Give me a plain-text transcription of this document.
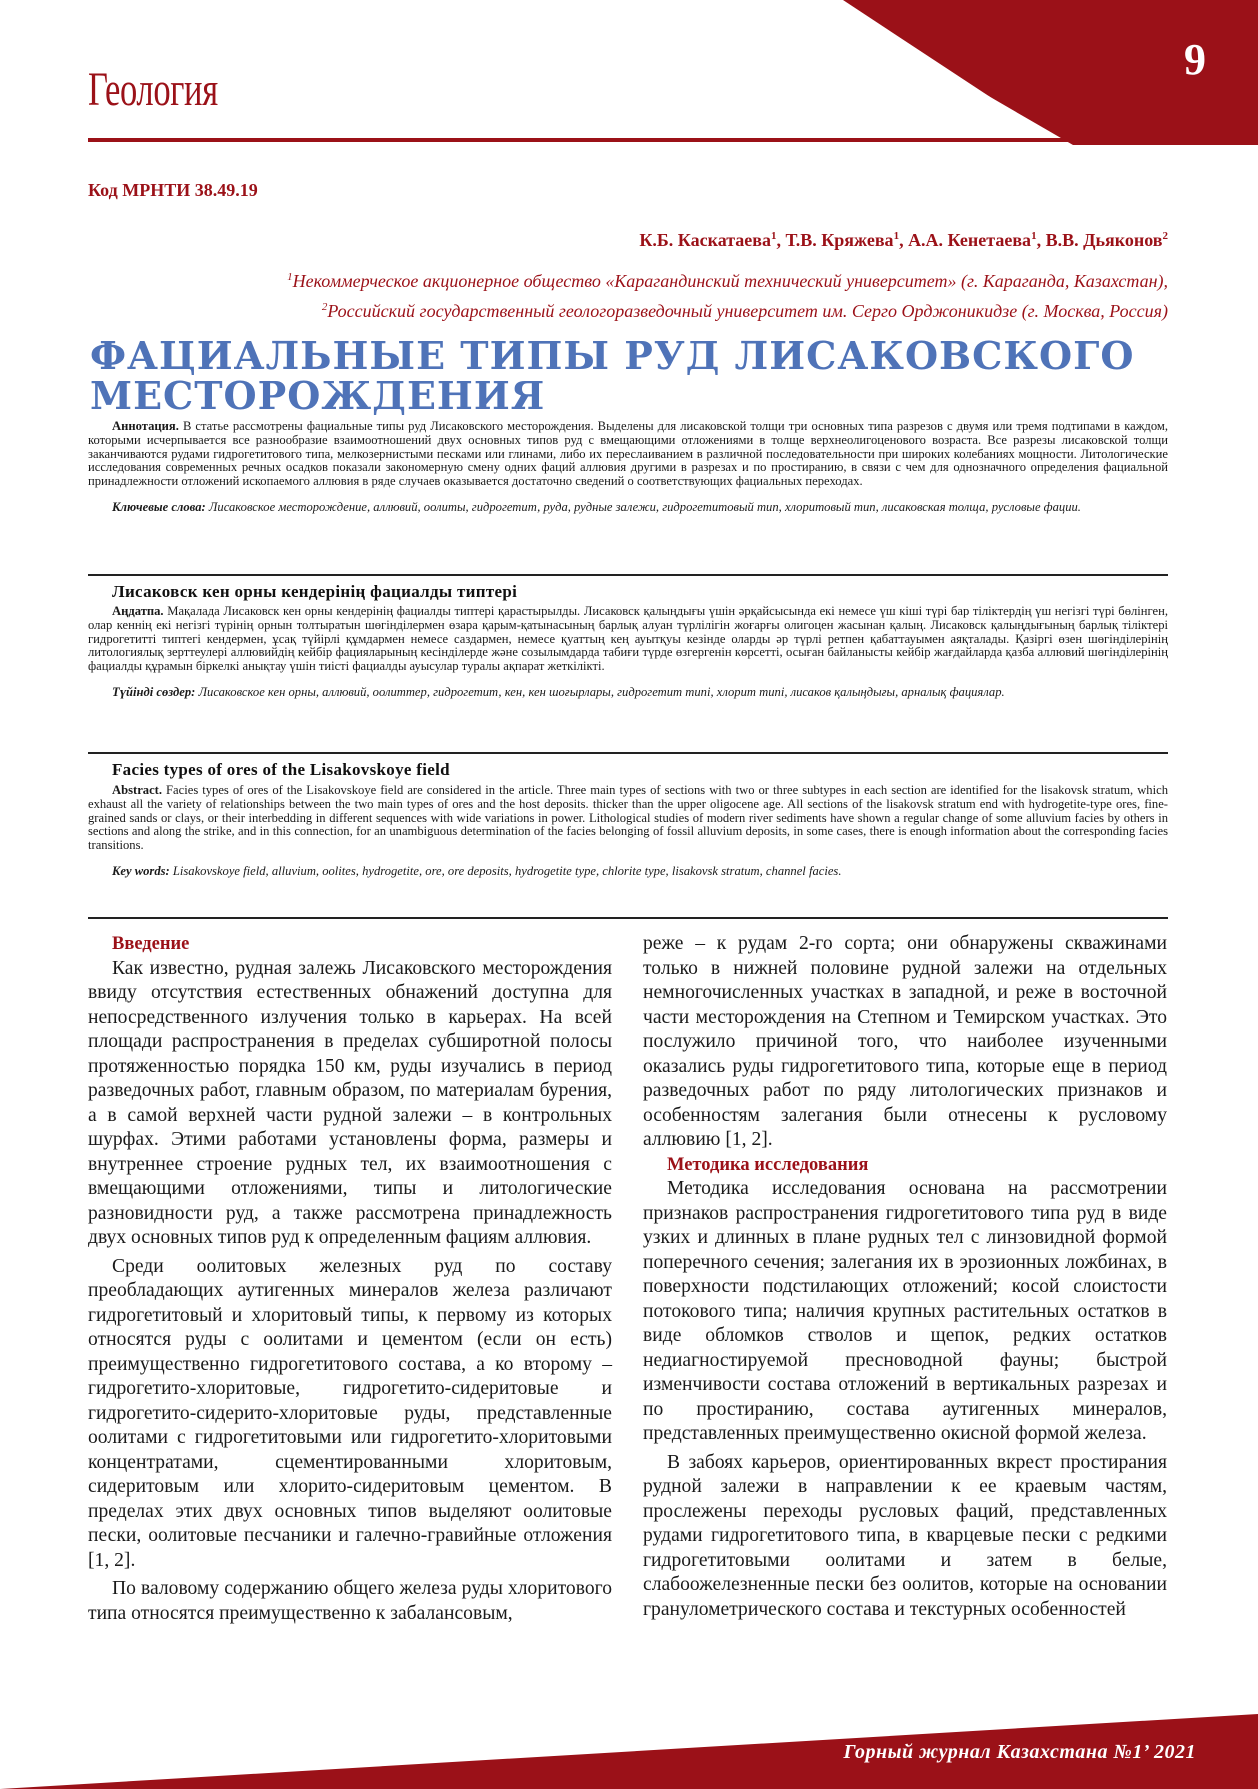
Геология
9
Код МРНТИ 38.49.19
К.Б. Каскатаева$^1$, Т.В. Кряжева$^1$, А.А. Кенетаева$^1$, В.В. Дьяконов$^2$
$^1$Некоммерческое акционерное общество «Карагандинский технический университет» (г. Караганда, Казахстан),
$^2$Российский государственный геологоразведочный университет им. Серго Орджоникидзе (г. Москва, Россия)
ФАЦИАЛЬНЫЕ ТИПЫ РУД ЛИСАКОВСКОГО МЕСТОРОЖДЕНИЯ
Аннотация. В статье рассмотрены фациальные типы руд Лисаковского месторождения. Выделены для лисаковской толщи три основных типа разрезов с двумя или тремя подтипами в каждом, которыми исчерпывается все разнообразие взаимоотношений двух основных типов руд с вмещающими отложениями в толще верхнеолигоценового возраста. Все разрезы лисаковской толщи заканчиваются рудами гидрогетитового типа, мелкозернистыми песками или глинами, либо их переслаиванием в различной последовательности при широких колебаниях мощности. Литологические исследования современных речных осадков показали закономерную смену одних фаций аллювия другими в разрезах и по простиранию, в связи с чем для однозначного определения фациальной принадлежности отложений ископаемого аллювия в ряде случаев оказывается достаточно сведений о соответствующих фациальных переходах.
Ключевые слова: Лисаковское месторождение, аллювий, оолиты, гидрогетит, руда, рудные залежи, гидрогетитовый тип, хлоритовый тип, лисаковская толща, русловые фации.
Лисаковск кен орны кендерінің фациалды типтері
Аңдатпа. Мақалада Лисаковск кен орны кендерінің фациалды типтері қарастырылды. Лисаковск қалыңдығы үшін әрқайсысында екі немесе үш кіші түрі бар тіліктердің үш негізгі түрі бөлінген, олар кеннің екі негізгі түрінің орнын толтыратын шөгінділермен өзара қарым-қатынасының барлық алуан түрлілігін жоғарғы олигоцен жасынан қалың. Лисаковск қалыңдығының барлық тіліктері гидрогетитті типтегі кендермен, ұсақ түйірлі құмдармен немесе саздармен, немесе қуаттың кең ауытқуы кезінде оларды әр түрлі ретпен қабаттауымен аяқталады. Қазіргі өзен шөгінділерінің литологиялық зерттеулері аллювийдің кейбір фацияларының кесінділерде және созылымдарда табиғи түрде өзгергенін көрсетті, осыған байланысты кейбір жағдайларда қазба аллювий шөгінділерінің фациалды құрамын біркелкі анықтау үшін тиісті фациалды ауысулар туралы ақпарат жеткілікті.
Түйінді сөздер: Лисаковское кен орны, аллювий, оолиттер, гидрогетит, кен, кен шоғырлары, гидрогетит типі, хлорит типі, лисаков қалыңдығы, арналық фациялар.
Facies types of ores of the Lisakovskoye field
Abstract. Facies types of ores of the Lisakovskoye field are considered in the article. Three main types of sections with two or three subtypes in each section are identified for the lisakovsk stratum, which exhaust all the variety of relationships between the two main types of ores and the host deposits. thicker than the upper oligocene age. All sections of the lisakovsk stratum end with hydrogetite-type ores, fine-grained sands or clays, or their interbedding in different sequences with wide variations in power. Lithological studies of modern river sediments have shown a regular change of some alluvium facies by others in sections and along the strike, and in this connection, for an unambiguous determination of the facies belonging of fossil alluvium deposits, in some cases, there is enough information about the corresponding facies transitions.
Key words: Lisakovskoye field, alluvium, oolites, hydrogetite, ore, ore deposits, hydrogetite type, chlorite type, lisakovsk stratum, channel facies.

Введение

Как известно, рудная залежь Лисаковского месторождения ввиду отсутствия естественных обнажений доступна для непосредственного излучения только в карьерах. На всей площади распространения в пределах субширотной полосы протяженностью порядка 150 км, руды изучались в период разведочных работ, главным образом, по материалам бурения, а в самой верхней части рудной залежи – в контрольных шурфах. Этими работами установлены форма, размеры и внутреннее строение рудных тел, их взаимоотношения с вмещающими отложениями, типы и литологические разновидности руд, а также рассмотрена принадлежность двух основных типов руд к определенным фациям аллювия.

Среди оолитовых железных руд по составу преобладающих аутигенных минералов железа различают гидрогетитовый и хлоритовый типы, к первому из которых относятся руды с оолитами и цементом (если он есть) преимущественно гидрогетитового состава, а ко второму – гидрогетито-хлоритовые, гидрогетито-сидеритовые и гидрогетито-сидерито-хлоритовые руды, представленные оолитами с гидрогетитовыми или гидрогетито-хлоритовыми концентратами, сцементированными хлоритовым, сидеритовым или хлорито-сидеритовым цементом. В пределах этих двух основных типов выделяют оолитовые пески, оолитовые песчаники и галечно-гравийные отложения [1, 2].

По валовому содержанию общего железа руды хлоритового типа относятся преимущественно к забалансовым,

реже – к рудам 2-го сорта; они обнаружены скважинами только в нижней половине рудной залежи на отдельных немногочисленных участках в западной, и реже в восточной части месторождения на Степном и Темирском участках. Это послужило причиной того, что наиболее изученными оказались руды гидрогетитового типа, которые еще в период разведочных работ по ряду литологических признаков и особенностям залегания были отнесены к русловому аллювию [1, 2].

Методика исследования

Методика исследования основана на рассмотрении признаков распространения гидрогетитового типа руд в виде узких и длинных в плане рудных тел с линзовидной формой поперечного сечения; залегания их в эрозионных ложбинах, в поверхности подстилающих отложений; косой слоистости потокового типа; наличия крупных растительных остатков в виде обломков стволов и щепок, редких остатков недиагностируемой пресноводной фауны; быстрой изменчивости состава отложений в вертикальных разрезах и по простиранию, состава аутигенных минералов, представленных преимущественно окисной формой железа.

В забоях карьеров, ориентированных вкрест простирания рудной залежи в направлении к ее краевым частям, прослежены переходы русловых фаций, представленных рудами гидрогетитового типа, в кварцевые пески с редкими гидрогетитовыми оолитами и затем в белые, слабоожелезненные пески без оолитов, которые на основании гранулометрического состава и текстурных особенностей

Горный журнал Казахстана №1’ 2021
